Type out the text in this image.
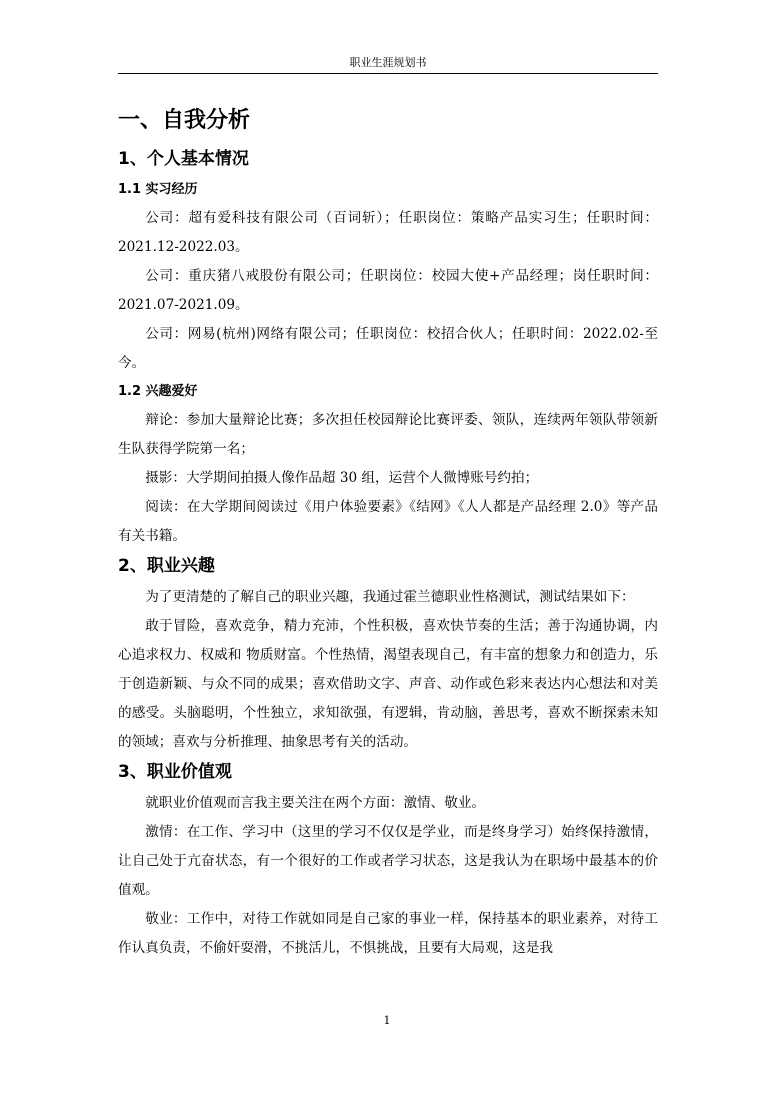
职业生涯规划书
一、自我分析
1、个人基本情况
1.1 实习经历

公司：超有爱科技有限公司（百词斩）；任职岗位：策略产品实习生；任职时间：2021.12-2022.03。

公司：重庆猪八戒股份有限公司；任职岗位：校园大使+产品经理；岗任职时间：2021.07-2021.09。

公司：网易(杭州)网络有限公司；任职岗位：校招合伙人；任职时间：2022.02-至今。

1.2 兴趣爱好

辩论：参加大量辩论比赛；多次担任校园辩论比赛评委、领队，连续两年领队带领新生队获得学院第一名；

摄影：大学期间拍摄人像作品超 30 组，运营个人微博账号约拍；

阅读：在大学期间阅读过《用户体验要素》《结网》《人人都是产品经理 2.0》等产品有关书籍。

2、职业兴趣

为了更清楚的了解自己的职业兴趣，我通过霍兰德职业性格测试，测试结果如下：

敢于冒险，喜欢竞争，精力充沛，个性积极，喜欢快节奏的生活；善于沟通协调，内心追求权力、权威和 物质财富。个性热情，渴望表现自己，有丰富的想象力和创造力，乐于创造新颖、与众不同的成果；喜欢借助文字、声音、动作或色彩来表达内心想法和对美的感受。头脑聪明，个性独立，求知欲强，有逻辑，肯动脑，善思考，喜欢不断探索未知的领域；喜欢与分析推理、抽象思考有关的活动。

3、职业价值观

就职业价值观而言我主要关注在两个方面：激情、敬业。

激情：在工作、学习中（这里的学习不仅仅是学业，而是终身学习）始终保持激情，让自己处于亢奋状态，有一个很好的工作或者学习状态，这是我认为在职场中最基本的价值观。

敬业：工作中，对待工作就如同是自己家的事业一样，保持基本的职业素养，对待工作认真负责，不偷奸耍滑，不挑活儿，不惧挑战，且要有大局观，这是我

1
